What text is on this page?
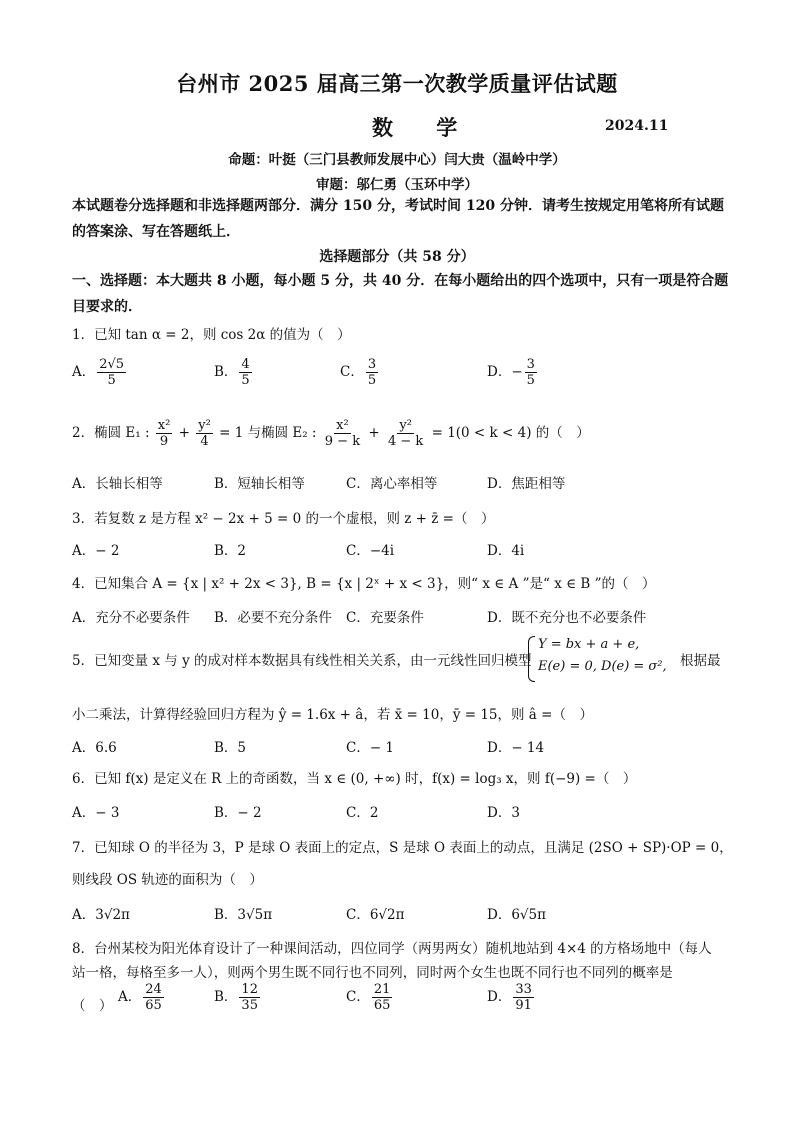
台州市 2025 届高三第一次教学质量评估试题
数 学	2024.11
命题：叶挺（三门县教师发展中心）闫大贵（温岭中学）
审题：邬仁勇（玉环中学）
本试题卷分选择题和非选择题两部分．满分 150 分，考试时间 120 分钟．请考生按规定用笔将所有试题的答案涂、写在答题纸上．
选择题部分（共 58 分）
一、选择题：本大题共 8 小题，每小题 5 分，共 40 分．在每小题给出的四个选项中，只有一项是符合题目要求的．
1．已知 tan α = 2，则 cos 2α 的值为（　）
A． $\frac{2√5}{5}$	B． $\frac{4}{5}$	C． $\frac{3}{5}$	D．− $\frac{3}{5}$
2．椭圆 E₁ : $\frac{\text{x²}}{9} + \frac{\text{y²}}{4} = 1$ 与椭圆 E₂ : $\frac{\text{x²}}{9 - k} + \frac{\text{y²}}{4 - k} = 1(0 < k < 4)$ 的（　）
A．长轴长相等	B．短轴长相等	C．离心率相等	D．焦距相等
3．若复数 z 是方程 x² − 2x + 5 = 0 的一个虚根，则 z + z̄ =（　）
A．− 2	B．2	C．−4i	D．4i
4．已知集合 A = {x | x² + 2x < 3}, B = {x | 2ˣ + x < 3}，则“ x ∈ A ”是“ x ∈ B ”的（　）
A．充分不必要条件 B．必要不充分条件 C．充要条件	D．既不充分也不必要条件
5．已知变量 x 与 y 的成对样本数据具有线性相关关系，由一元线性回归模型
Y = bx + a + e,
E(e) = 0, D(e) = σ², 根据最
小二乘法，计算得经验回归方程为 ŷ = 1.6x + â，若 x̄ = 10，ȳ = 15，则 â =（　）
A．6.6	B．5	C．− 1	D．− 14
6．已知 f(x) 是定义在 R 上的奇函数，当 x ∈ (0, +∞) 时，f(x) = log₃ x，则 f(−9) =（　）
A．− 3	B．− 2	C．2	D．3
7．已知球 O 的半径为 3，P 是球 O 表面上的定点，S 是球 O 表面上的动点，且满足 (2SO + SP)·OP = 0，
则线段 OS 轨迹的面积为（　）
A．3√2π	B．3√5π	C．6√2π	D．6√5π
8．台州某校为阳光体育设计了一种课间活动，四位同学（两男两女）随机地站到 4×4 的方格场地中（每人
站一格，每格至多一人），则两个男生既不同行也不同列，同时两个女生也既不同行也不同列的概率是
（　）
A． $\frac{24}{65}$	B． $\frac{12}{35}$	C． $\frac{21}{65}$	D． $\frac{33}{91}$
